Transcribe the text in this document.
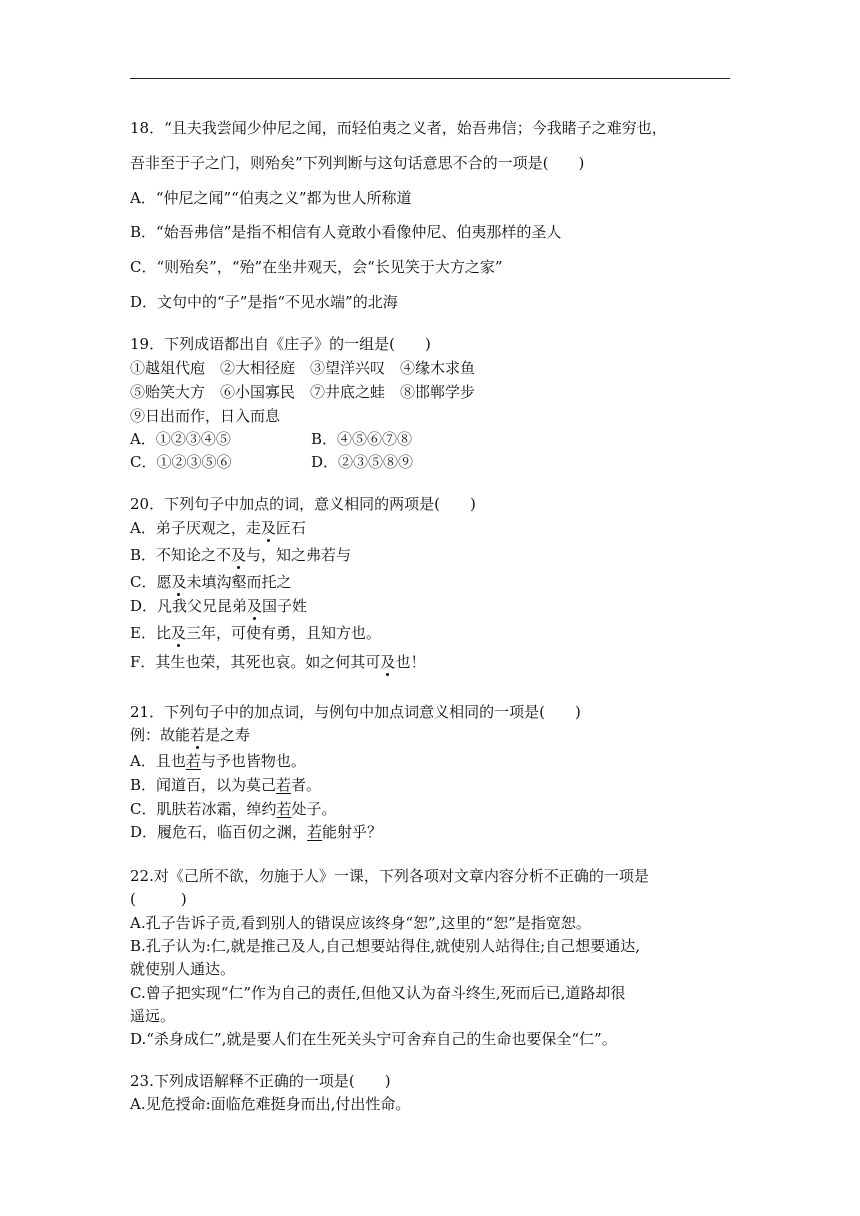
18．“且夫我尝闻少仲尼之闻，而轻伯夷之义者，始吾弗信；今我睹子之难穷也，
吾非至于子之门，则殆矣”下列判断与这句话意思不合的一项是(　　)
A．“仲尼之闻”“伯夷之义”都为世人所称道
B．“始吾弗信”是指不相信有人竟敢小看像仲尼、伯夷那样的圣人
C．“则殆矣”，“殆”在坐井观天，会“长见笑于大方之家”
D．文句中的“子”是指“不见水端”的北海
19．下列成语都出自《庄子》的一组是(　　)
①越俎代庖　②大相径庭　③望洋兴叹　④缘木求鱼
⑤贻笑大方　⑥小国寡民　⑦井底之蛙　⑧邯郸学步
⑨日出而作，日入而息
A．①②③④⑤	B．④⑤⑥⑦⑧
C．①②③⑤⑥	D．②③⑤⑧⑨
20．下列句子中加点的词，意义相同的两项是(　　)
A．弟子厌观之，走及匠石
B．不知论之不及与，知之弗若与
C．愿及未填沟壑而托之
D．凡我父兄昆弟及国子姓
E．比及三年，可使有勇，且知方也。
F．其生也荣，其死也哀。如之何其可及也！
21．下列句子中的加点词，与例句中加点词意义相同的一项是(　　)
例：故能若是之寿
A．且也若与予也皆物也。
B．闻道百，以为莫己若者。
C．肌肤若冰霜，绰约若处子。
D．履危石，临百仞之渊，若能射乎？
22.对《己所不欲，勿施于人》一课，下列各项对文章内容分析不正确的一项是
(　　　)
A.孔子告诉子贡,看到别人的错误应该终身“恕”,这里的“恕”是指宽恕。
B.孔子认为:仁,就是推己及人,自己想要站得住,就使别人站得住;自己想要通达,
就使别人通达。
C.曾子把实现“仁”作为自己的责任,但他又认为奋斗终生,死而后已,道路却很
遥远。
D.“杀身成仁”,就是要人们在生死关头宁可舍弃自己的生命也要保全“仁”。
23.下列成语解释不正确的一项是(　　)
A.见危授命:面临危难挺身而出,付出性命。
